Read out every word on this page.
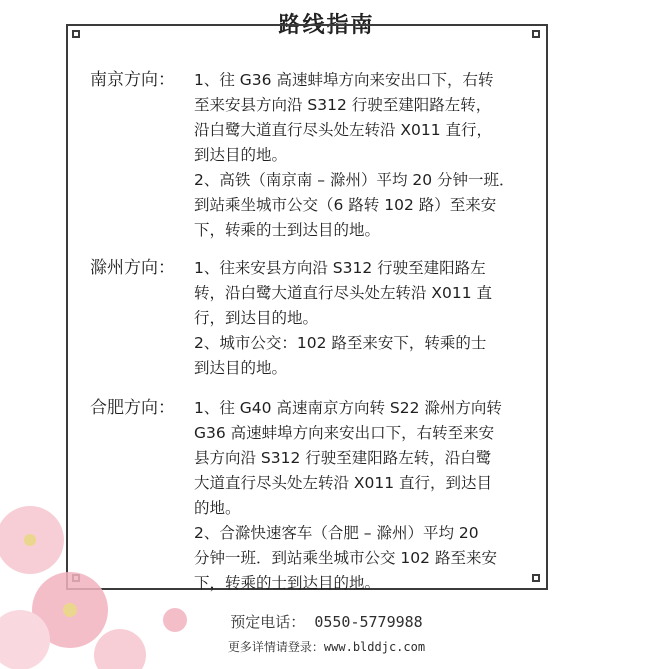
路线指南
南京方向： 1、往 G36 高速蚌埠方向来安出口下，右转
至来安县方向沿 S312 行驶至建阳路左转，
沿白鹭大道直行尽头处左转沿 X011 直行，
到达目的地。
2、高铁（南京南 – 滁州）平均 20 分钟一班．
到站乘坐城市公交（6 路转 102 路）至来安
下，转乘的士到达目的地。
滁州方向： 1、往来安县方向沿 S312 行驶至建阳路左
转，沿白鹭大道直行尽头处左转沿 X011 直
行，到达目的地。
2、城市公交：102 路至来安下，转乘的士
到达目的地。
合肥方向： 1、往 G40 高速南京方向转 S22 滁州方向转
G36 高速蚌埠方向来安出口下，右转至来安
县方向沿 S312 行驶至建阳路左转，沿白鹭
大道直行尽头处左转沿 X011 直行，到达目
的地。
2、合滁快速客车（合肥 – 滁州）平均 20
分钟一班．到站乘坐城市公交 102 路至来安
下，转乘的士到达目的地。
预定电话： 0550-5779988
更多详情请登录：www.blddjc.com
